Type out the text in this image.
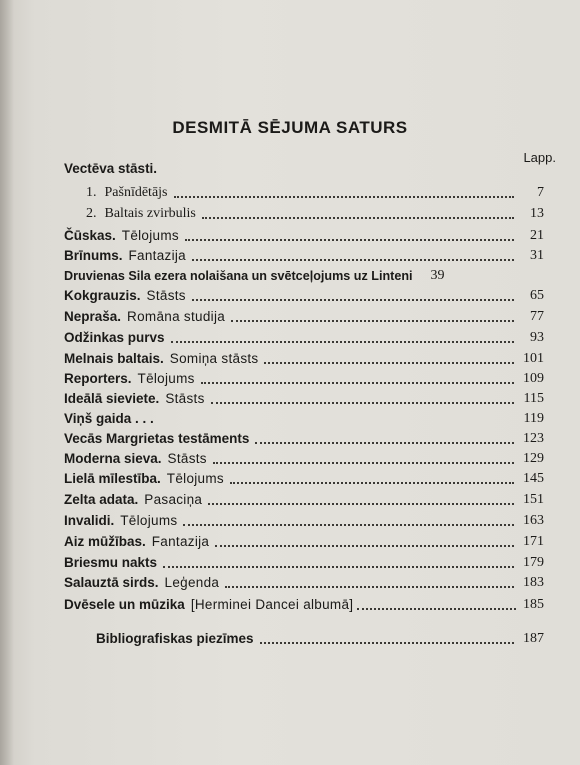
DESMITĀ SĒJUMA SATURS
Lapp.
Vectēva stāsti.
1. Pašnīdētājs	7
2. Baltais zvirbulis	13
Čūskas. Tēlojums	21
Brīnums. Fantazija	31
Druvienas Sila ezera nolaišana un svētceļojums uz Linteni	39
Kokgrauzis. Stāsts	65
Neprаša. Romāna studija	77
Odžinkas purvs	93
Melnais baltais. Somiņa stāsts	101
Reporters. Tēlojums	109
Ideālā sieviete. Stāsts	115
Viņš gaida . . .	119
Vecās Margrietas testāments	123
Moderna sieva. Stāsts	129
Lielā mīlestība. Tēlojums	145
Zelta adata. Pasaciņa	151
Invalidi. Tēlojums	163
Aiz mūžības. Fantazija	171
Briesmu nakts	179
Salauztā sirds. Leģenda	183
Dvēsele un mūzika [Herminei Dancei albumā]	185
Bibliografiskas piezīmes	187
